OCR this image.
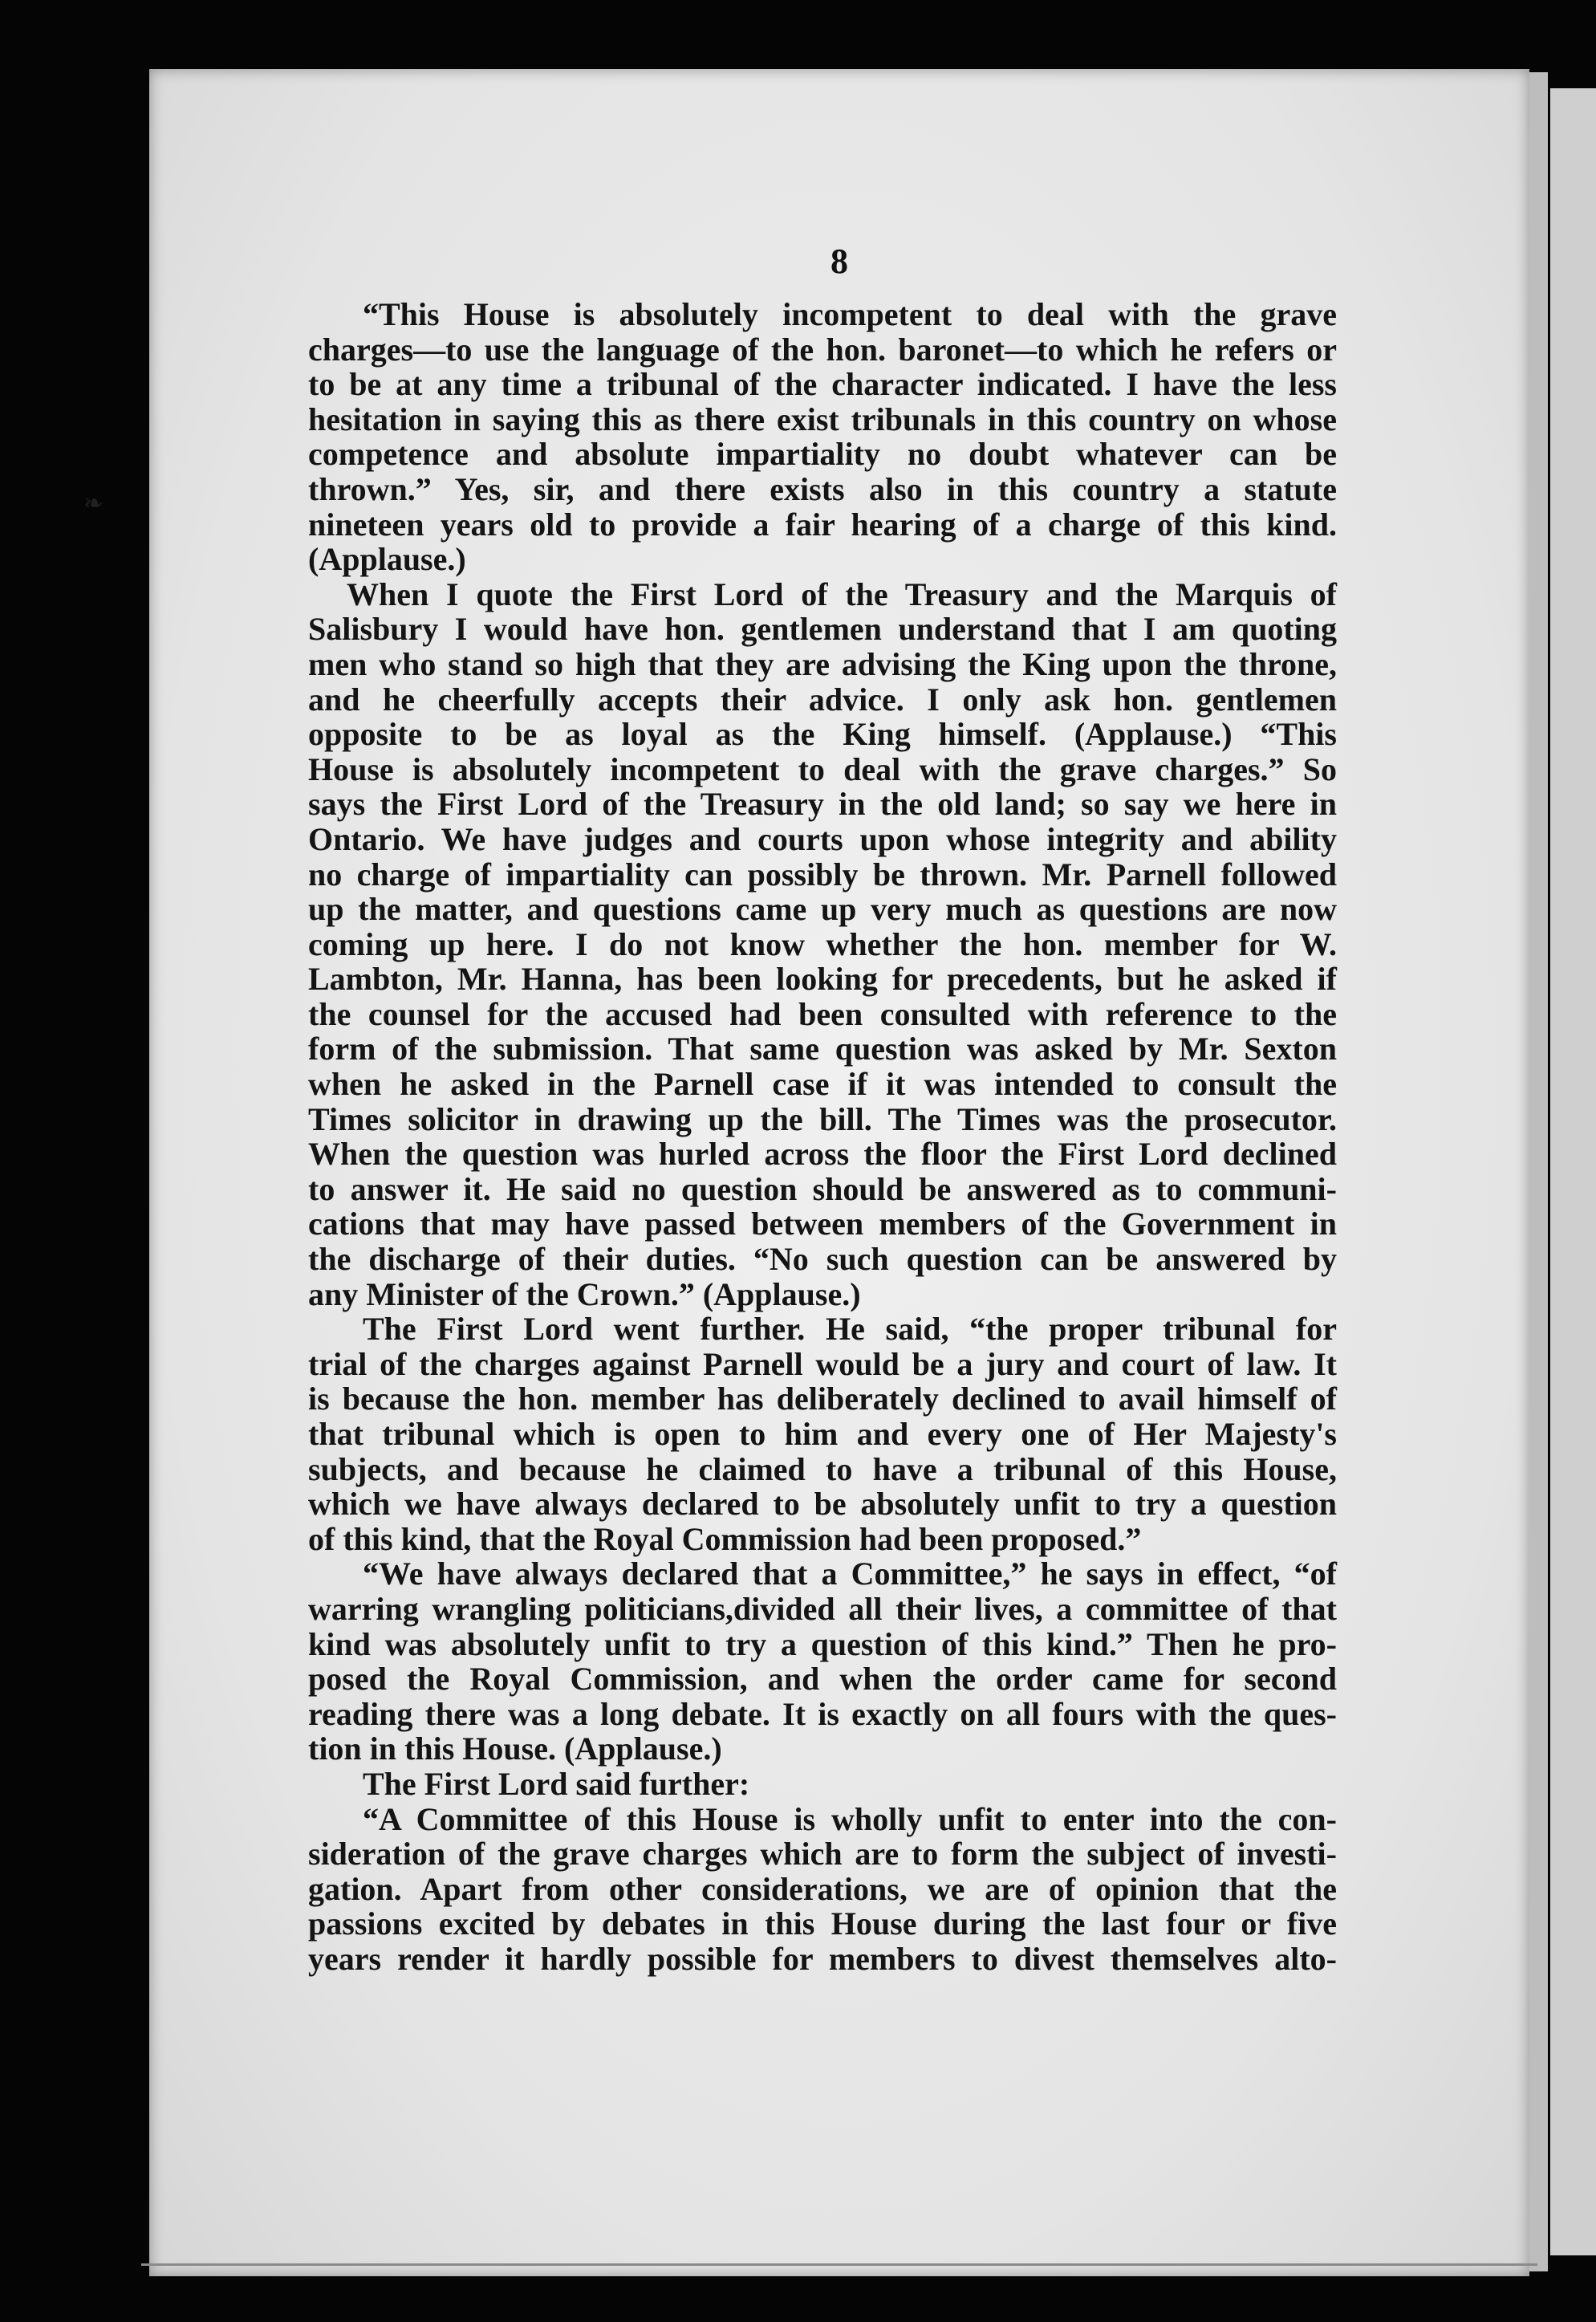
8
❧
“This House is absolutely incompetent to deal with the grave
charges—to use the language of the hon. baronet—to which he refers or
to be at any time a tribunal of the character indicated. I have the less
hesitation in saying this as there exist tribunals in this country on whose
competence and absolute impartiality no doubt whatever can be
thrown.” Yes, sir, and there exists also in this country a statute
nineteen years old to provide a fair hearing of a charge of this kind.
(Applause.)
When I quote the First Lord of the Treasury and the Marquis of
Salisbury I would have hon. gentlemen understand that I am quoting
men who stand so high that they are advising the King upon the throne,
and he cheerfully accepts their advice. I only ask hon. gentlemen
opposite to be as loyal as the King himself. (Applause.) “This
House is absolutely incompetent to deal with the grave charges.” So
says the First Lord of the Treasury in the old land; so say we here in
Ontario. We have judges and courts upon whose integrity and ability
no charge of impartiality can possibly be thrown. Mr. Parnell followed
up the matter, and questions came up very much as questions are now
coming up here. I do not know whether the hon. member for W.
Lambton, Mr. Hanna, has been looking for precedents, but he asked if
the counsel for the accused had been consulted with reference to the
form of the submission. That same question was asked by Mr. Sexton
when he asked in the Parnell case if it was intended to consult the
Times solicitor in drawing up the bill. The Times was the prosecutor.
When the question was hurled across the floor the First Lord declined
to answer it. He said no question should be answered as to communi-
cations that may have passed between members of the Government in
the discharge of their duties. “No such question can be answered by
any Minister of the Crown.” (Applause.)
The First Lord went further. He said, “the proper tribunal for
trial of the charges against Parnell would be a jury and court of law. It
is because the hon. member has deliberately declined to avail himself of
that tribunal which is open to him and every one of Her Majesty's
subjects, and because he claimed to have a tribunal of this House,
which we have always declared to be absolutely unfit to try a question
of this kind, that the Royal Commission had been proposed.”
“We have always declared that a Committee,” he says in effect, “of
warring wrangling politicians,divided all their lives, a committee of that
kind was absolutely unfit to try a question of this kind.” Then he pro-
posed the Royal Commission, and when the order came for second
reading there was a long debate. It is exactly on all fours with the ques-
tion in this House. (Applause.)
The First Lord said further:
“A Committee of this House is wholly unfit to enter into the con-
sideration of the grave charges which are to form the subject of investi-
gation. Apart from other considerations, we are of opinion that the
passions excited by debates in this House during the last four or five
years render it hardly possible for members to divest themselves alto-
